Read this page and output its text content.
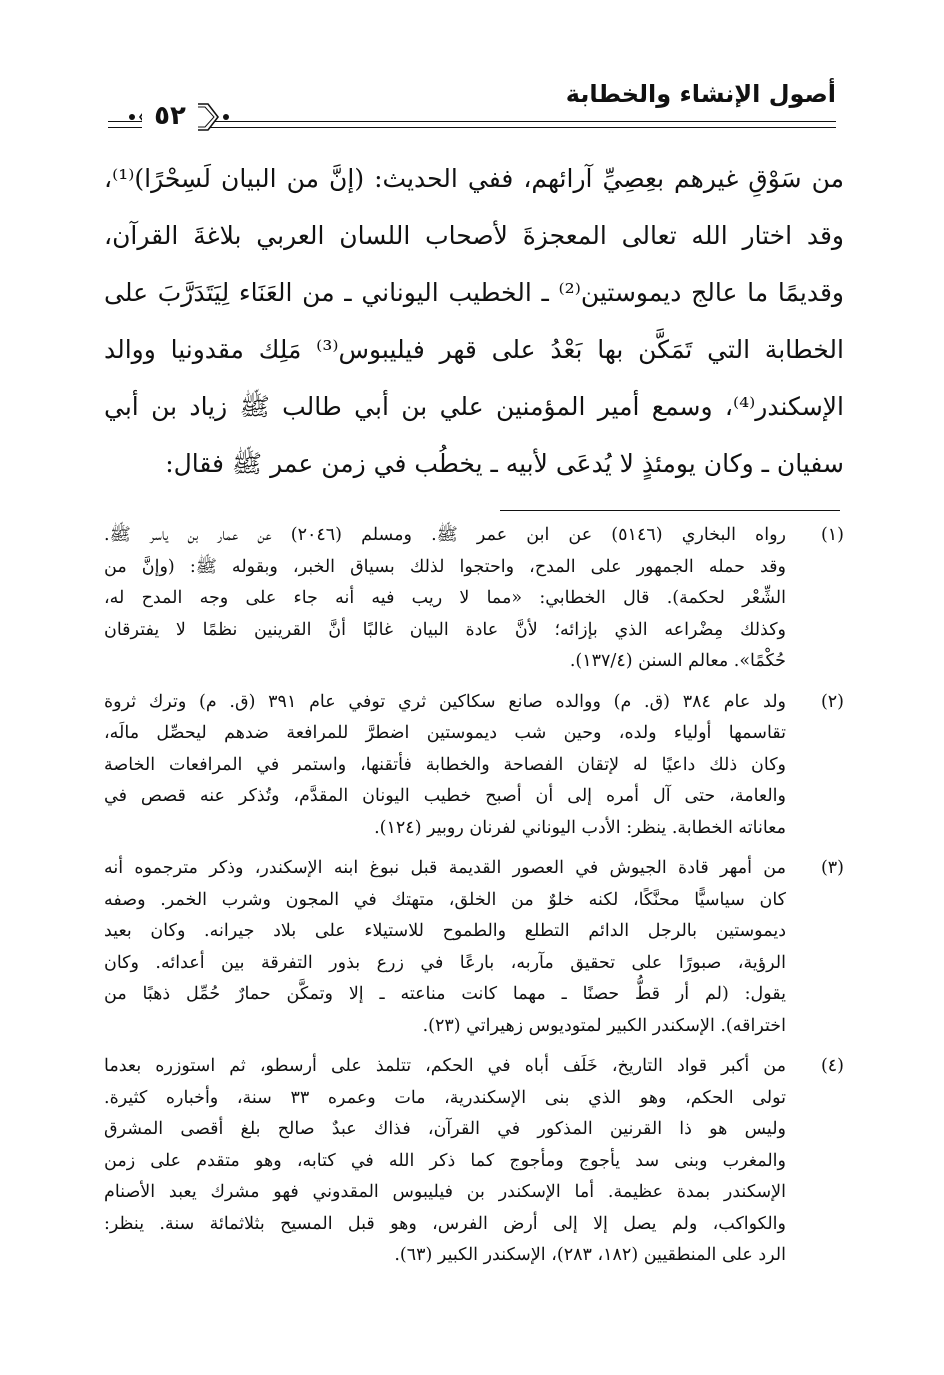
أصول الإنشاء والخطابة
٥٢
من سَوْقِ غيرهم بعِصِيِّ آرائهم، ففي الحديث: (إنَّ من البيان لَسِحْرًا)⁽¹⁾،
وقد اختار الله تعالى المعجزةَ لأصحاب اللسان العربي بلاغةَ القرآن،
وقديمًا ما عالج ديموستين⁽²⁾ ـ الخطيب اليوناني ـ من العَنَاء لِيَتَدَرَّبَ على
الخطابة التي تَمَكَّن بها بَعْدُ على قهر فيليبوس⁽³⁾ مَلِك مقدونيا ووالد
الإسكندر⁽⁴⁾، وسمع أمير المؤمنين علي بن أبي طالب ﷺ زياد بن أبي
سفيان ـ وكان يومئذٍ لا يُدعَى لأبيه ـ يخطُب في زمن عمر ﷺ فقال:
(١)
رواه البخاري (٥١٤٦) عن ابن عمر ﷺ. ومسلم (٢٠٤٦) عن عمار بن ياسر ﷺ.
وقد حمله الجمهور على المدح، واحتجوا لذلك بسياق الخبر، وبقوله ﷺ: (وإنَّ من
الشِّعْر لحكمة). قال الخطابي: «مما لا ريب فيه أنه جاء على وجه المدح له،
وكذلك مِضْراعه الذي بإزائه؛ لأنَّ عادة البيان غالبًا أنَّ القرينين نظمًا لا يفترقان
حُكْمًا». معالم السنن (١٣٧/٤).
(٢)
ولد عام ٣٨٤ (ق. م) ووالده صانع سكاكين ثري توفي عام ٣٩١ (ق. م) وترك ثروة
تقاسمها أولياء ولده، وحين شب ديموستين اضطرَّ للمرافعة ضدهم ليحصِّل مالَه،
وكان ذلك داعيًا له لإتقان الفصاحة والخطابة فأتقنها، واستمر في المرافعات الخاصة
والعامة، حتى آل أمره إلى أن أصبح خطيب اليونان المقدَّم، وتُذكر عنه قصص في
معاناته الخطابة. ينظر: الأدب اليوناني لفرنان روبير (١٢٤).
(٣)
من أمهر قادة الجيوش في العصور القديمة قبل نبوغ ابنه الإسكندر، وذكر مترجموه أنه
كان سياسيًّا محنَّكًا، لكنه خلوٌ من الخلق، متهتك في المجون وشرب الخمر. وصفه
ديموستين بالرجل الدائم التطلع والطموح للاستيلاء على بلاد جيرانه. وكان بعيد
الرؤية، صبورًا على تحقيق مآربه، بارعًا في زرع بذور التفرقة بين أعدائه. وكان
يقول: (لم أر قطُّ حصنًا ـ مهما كانت مناعته ـ إلا وتمكَّن حمارٌ حُمِّل ذهبًا من
اختراقه). الإسكندر الكبير لمتوديوس زهيراتي (٢٣).
(٤)
من أكبر قواد التاريخ، خَلَف أباه في الحكم، تتلمذ على أرسطو، ثم استوزره بعدما
تولى الحكم، وهو الذي بنى الإسكندرية، مات وعمره ٣٣ سنة، وأخباره كثيرة.
وليس هو ذا القرنين المذكور في القرآن، فذاك عبدٌ صالح بلغ أقصى المشرق
والمغرب وبنى سد يأجوج ومأجوج كما ذكر الله في كتابه، وهو متقدم على زمن
الإسكندر بمدة عظيمة. أما الإسكندر بن فيليبوس المقدوني فهو مشرك يعبد الأصنام
والكواكب، ولم يصل إلا إلى أرض الفرس، وهو قبل المسيح بثلاثمائة سنة. ينظر:
الرد على المنطقيين (١٨٢، ٢٨٣)، الإسكندر الكبير (٦٣).
